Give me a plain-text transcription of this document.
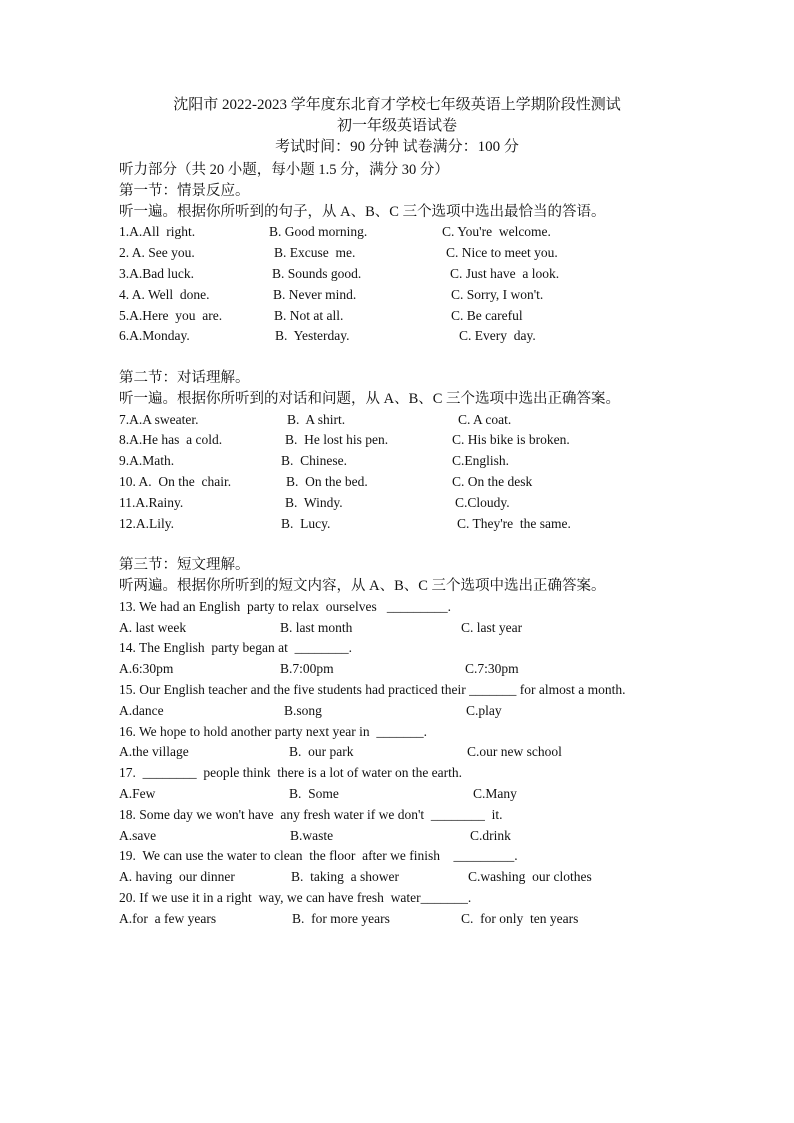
沈阳市 2022-2023 学年度东北育才学校七年级英语上学期阶段性测试
初一年级英语试卷
考试时间：90 分钟 试卷满分：100 分
听力部分（共 20 小题，每小题 1.5 分，满分 30 分）
第一节：情景反应。
听一遍。根据你所听到的句子，从 A、B、C 三个选项中选出最恰当的答语。
1.A.All  right.	B. Good morning.	C. You're  welcome.
2. A. See you.	B. Excuse  me.	C. Nice to meet you.
3.A.Bad luck.	B. Sounds good.	C. Just have  a look.
4. A. Well  done.	B. Never mind.	C. Sorry, I won't.
5.A.Here  you  are.	B. Not at all.	C. Be careful
6.A.Monday.	B.  Yesterday.	C. Every  day.
第二节：对话理解。
听一遍。根据你所听到的对话和问题，从 A、B、C 三个选项中选出正确答案。
7.A.A sweater.	B.  A shirt.	C. A coat.
8.A.He has  a cold.	B.  He lost his pen.	C. His bike is broken.
9.A.Math.	B.  Chinese.	C.English.
10. A.  On the  chair.	B.  On the bed.	C. On the desk
11.A.Rainy.	B.  Windy.	C.Cloudy.
12.A.Lily.	B.  Lucy.	C. They're  the same.
第三节：短文理解。
听两遍。根据你所听到的短文内容，从 A、B、C 三个选项中选出正确答案。
13. We had an English  party to relax  ourselves   _________.
A. last week	B. last month	C. last year
14. The English  party began at  ________.
A.6:30pm	B.7:00pm	C.7:30pm
15. Our English teacher and the five students had practiced their _______ for almost a month.
A.dance	B.song	C.play
16. We hope to hold another party next year in  _______.
A.the village	B.  our park	C.our new school
17.  ________  people think  there is a lot of water on the earth.
A.Few	B.  Some	C.Many
18. Some day we won't have  any fresh water if we don't  ________  it.
A.save	B.waste	C.drink
19.  We can use the water to clean  the floor  after we finish    _________.
A. having  our dinner	B.  taking  a shower	C.washing  our clothes
20. If we use it in a right  way, we can have fresh  water_______.
A.for  a few years	B.  for more years	C.  for only  ten years
